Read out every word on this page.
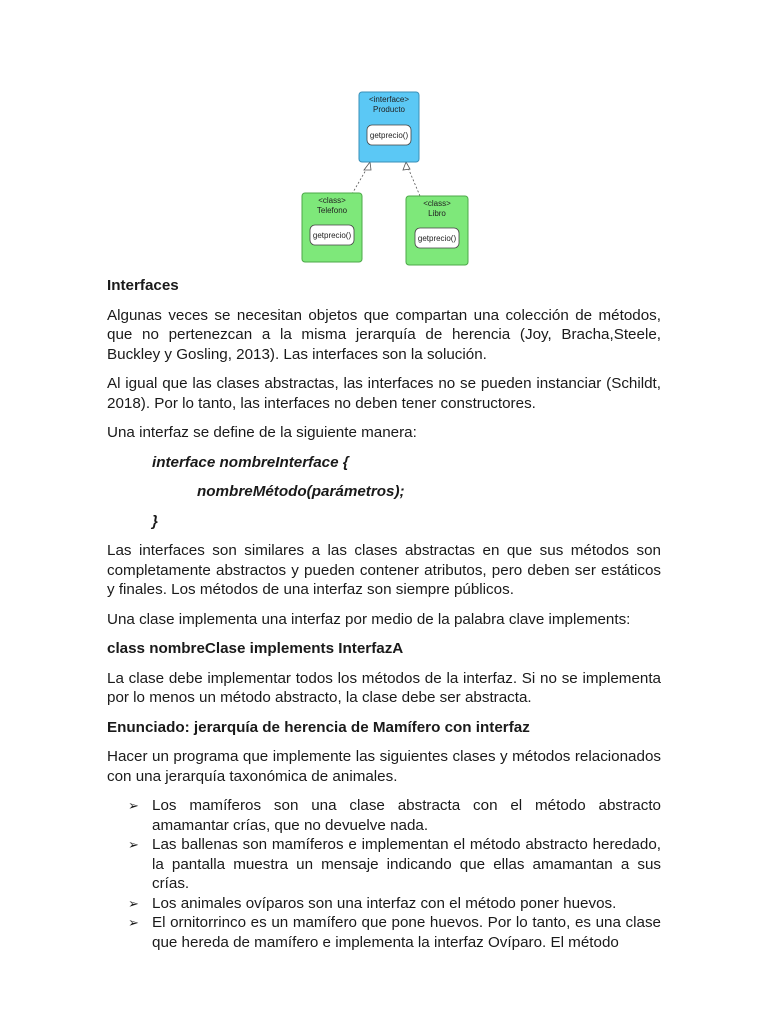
<interface>
Producto
getprecio()
<class>
Telefono
getprecio()
<class>
Libro
getprecio()

Interfaces

Algunas veces se necesitan objetos que compartan una colección de métodos, que no pertenezcan a la misma jerarquía de herencia (Joy, Bracha,Steele, Buckley y Gosling, 2013). Las interfaces son la solución.

Al igual que las clases abstractas, las interfaces no se pueden instanciar (Schildt, 2018). Por lo tanto, las interfaces no deben tener constructores.

Una interfaz se define de la siguiente manera:

interface nombreInterface {

nombreMétodo(parámetros);

}

Las interfaces son similares a las clases abstractas en que sus métodos son completamente abstractos y pueden contener atributos, pero deben ser estáticos y finales. Los métodos de una interfaz son siempre públicos.

Una clase implementa una interfaz por medio de la palabra clave implements:

class nombreClase implements InterfazA

La clase debe implementar todos los métodos de la interfaz. Si no se implementa por lo menos un método abstracto, la clase debe ser abstracta.

Enunciado: jerarquía de herencia de Mamífero con interfaz

Hacer un programa que implemente las siguientes clases y métodos relacionados con una jerarquía taxonómica de animales.

➢ Los mamíferos son una clase abstracta con el método abstracto amamantar crías, que no devuelve nada.
➢ Las ballenas son mamíferos e implementan el método abstracto heredado, la pantalla muestra un mensaje indicando que ellas amamantan a sus crías.
➢ Los animales ovíparos son una interfaz con el método poner huevos.
➢ El ornitorrinco es un mamífero que pone huevos. Por lo tanto, es una clase que hereda de mamífero e implementa la interfaz Ovíparo. El método
